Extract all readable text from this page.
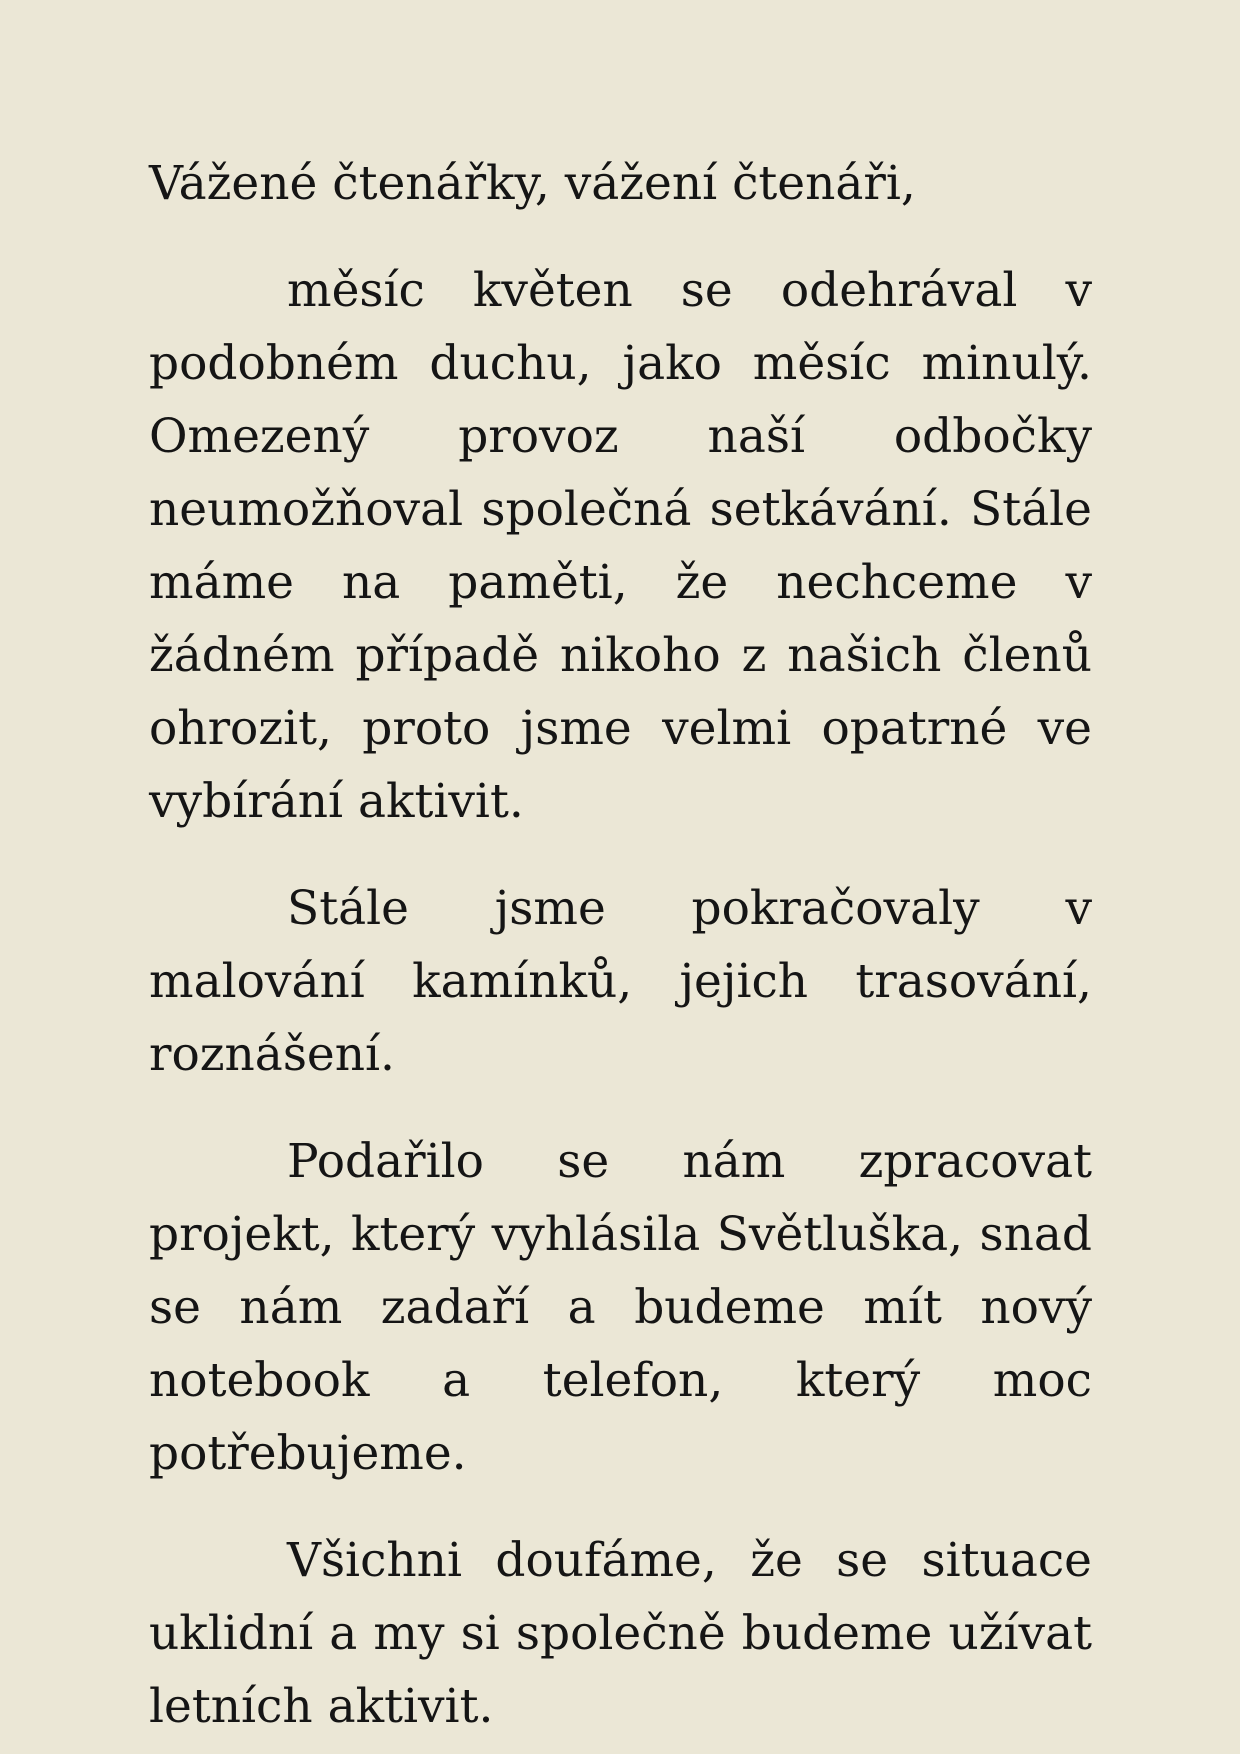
Vážené čtenářky, vážení čtenáři,

měsíc květen se odehrával v podobném duchu, jako měsíc minulý. Omezený provoz naší odbočky neumožňoval společná setkávání. Stále máme na paměti, že nechceme v žádném případě nikoho z našich členů ohrozit, proto jsme velmi opatrné ve vybírání aktivit.

Stále jsme pokračovaly v malování kamínků, jejich trasování, roznášení.

Podařilo se nám zpracovat projekt, který vyhlásila Světluška, snad se nám zadaří a budeme mít nový notebook a telefon, který moc potřebujeme.

Všichni doufáme, že se situace uklidní a my si společně budeme užívat letních aktivit.
